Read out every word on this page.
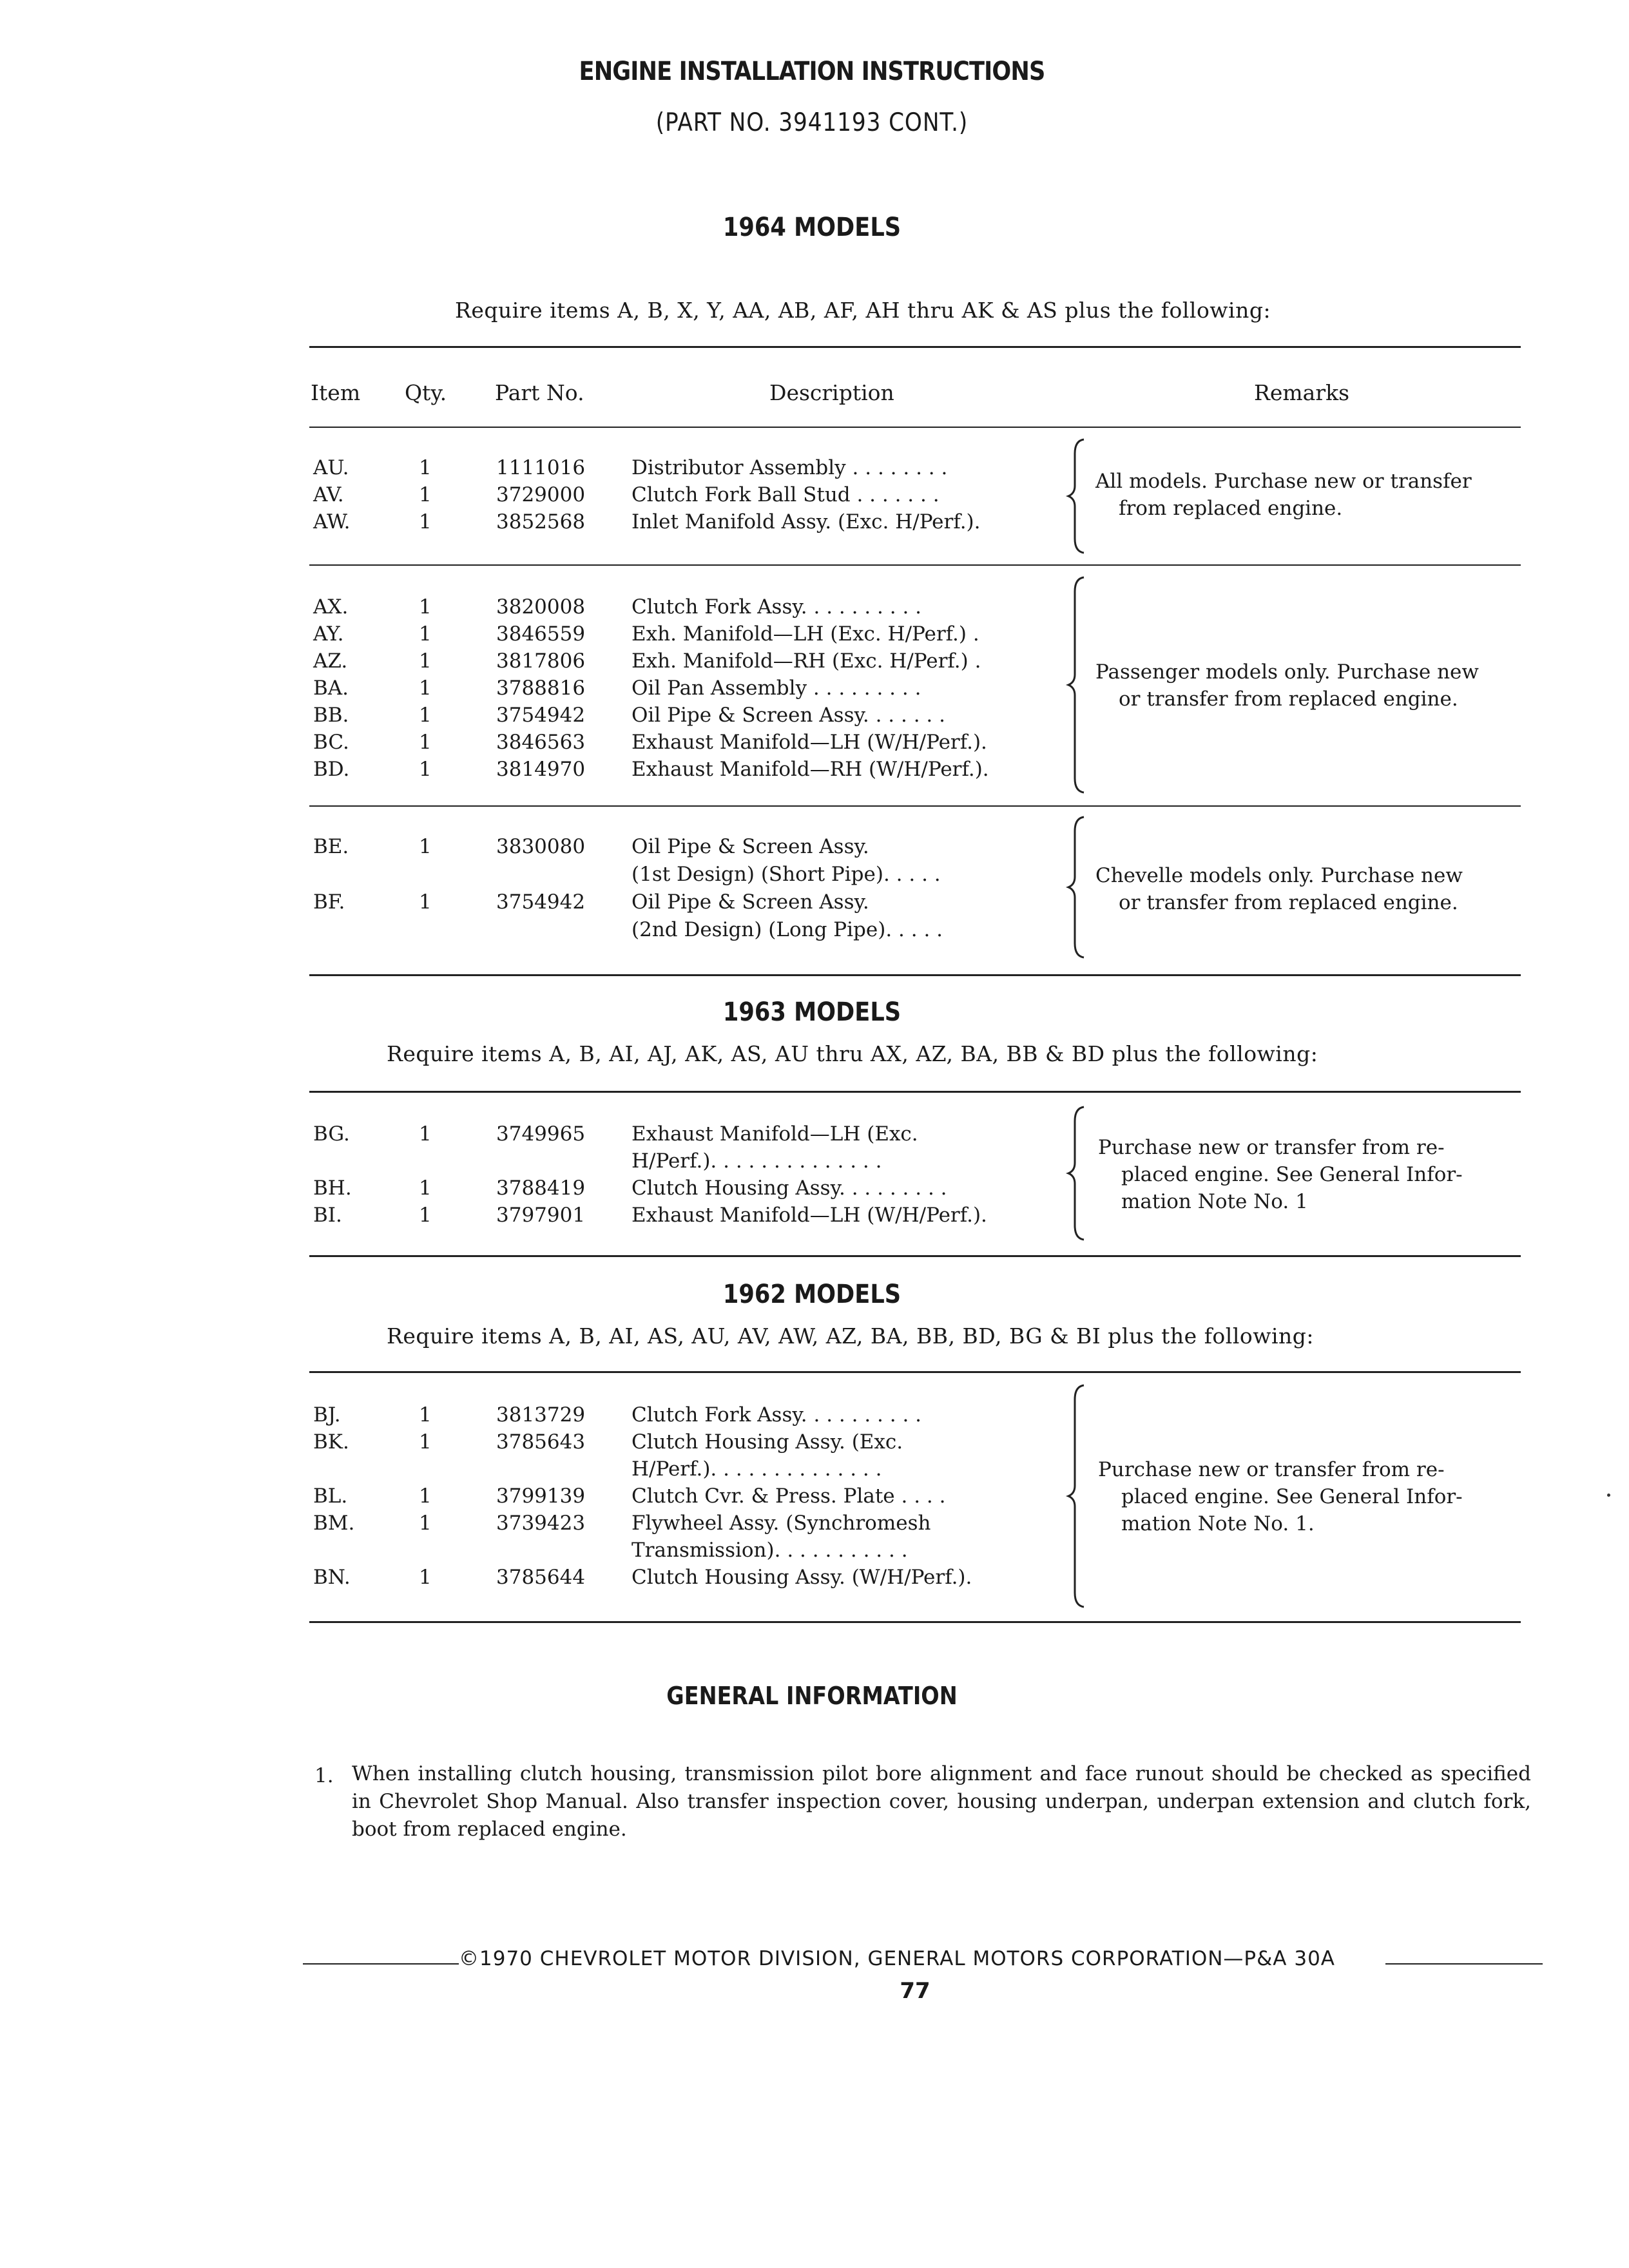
ENGINE INSTALLATION INSTRUCTIONS
(PART NO. 3941193 CONT.)
1964 MODELS
Require items A, B, X, Y, AA, AB, AF, AH thru AK & AS plus the following:
Item Qty. Part No.	Description	Remarks
AU.	1	1111016 Distributor Assembly . . . . . . . .
AV.	1	3729000 Clutch Fork Ball Stud . . . . . . .
AW.	1	3852568 Inlet Manifold Assy. (Exc. H/Perf.).
All models. Purchase new or transfer
from replaced engine.
AX.	1	3820008 Clutch Fork Assy. . . . . . . . . .
AY.	1	3846559 Exh. Manifold—LH (Exc. H/Perf.) .
AZ.	1	3817806 Exh. Manifold—RH (Exc. H/Perf.) .
BA.	1	3788816 Oil Pan Assembly . . . . . . . . .
BB.	1	3754942 Oil Pipe & Screen Assy. . . . . . .
BC.	1	3846563 Exhaust Manifold—LH (W/H/Perf.).
BD.	1	3814970 Exhaust Manifold—RH (W/H/Perf.).
Passenger models only. Purchase new
or transfer from replaced engine.
BE.	1	3830080 Oil Pipe & Screen Assy.
(1st Design) (Short Pipe). . . . .
BF.	1	3754942 Oil Pipe & Screen Assy.
(2nd Design) (Long Pipe). . . . .
Chevelle models only. Purchase new
or transfer from replaced engine.
1963 MODELS
Require items A, B, AI, AJ, AK, AS, AU thru AX, AZ, BA, BB & BD plus the following:
BG.	1	3749965 Exhaust Manifold—LH (Exc.
H/Perf.). . . . . . . . . . . . . .
BH.	1	3788419 Clutch Housing Assy. . . . . . . . .
BI.	1	3797901 Exhaust Manifold—LH (W/H/Perf.).
Purchase new or transfer from re-
placed engine. See General Infor-
mation Note No. 1
1962 MODELS
Require items A, B, AI, AS, AU, AV, AW, AZ, BA, BB, BD, BG & BI plus the following:
BJ.	1	3813729 Clutch Fork Assy. . . . . . . . . .
BK.	1	3785643 Clutch Housing Assy. (Exc.
H/Perf.). . . . . . . . . . . . . .
BL.	1	3799139 Clutch Cvr. & Press. Plate . . . .
BM.	1	3739423 Flywheel Assy. (Synchromesh
Transmission). . . . . . . . . . .
BN.	1	3785644 Clutch Housing Assy. (W/H/Perf.).
Purchase new or transfer from re-
placed engine. See General Infor-
mation Note No. 1.
GENERAL INFORMATION
1. When installing clutch housing, transmission pilot bore alignment and face runout should be checked as specified in Chevrolet Shop Manual. Also transfer inspection cover, housing underpan, underpan extension and clutch fork, boot from replaced engine.
©1970 CHEVROLET MOTOR DIVISION, GENERAL MOTORS CORPORATION—P&A 30A
77
